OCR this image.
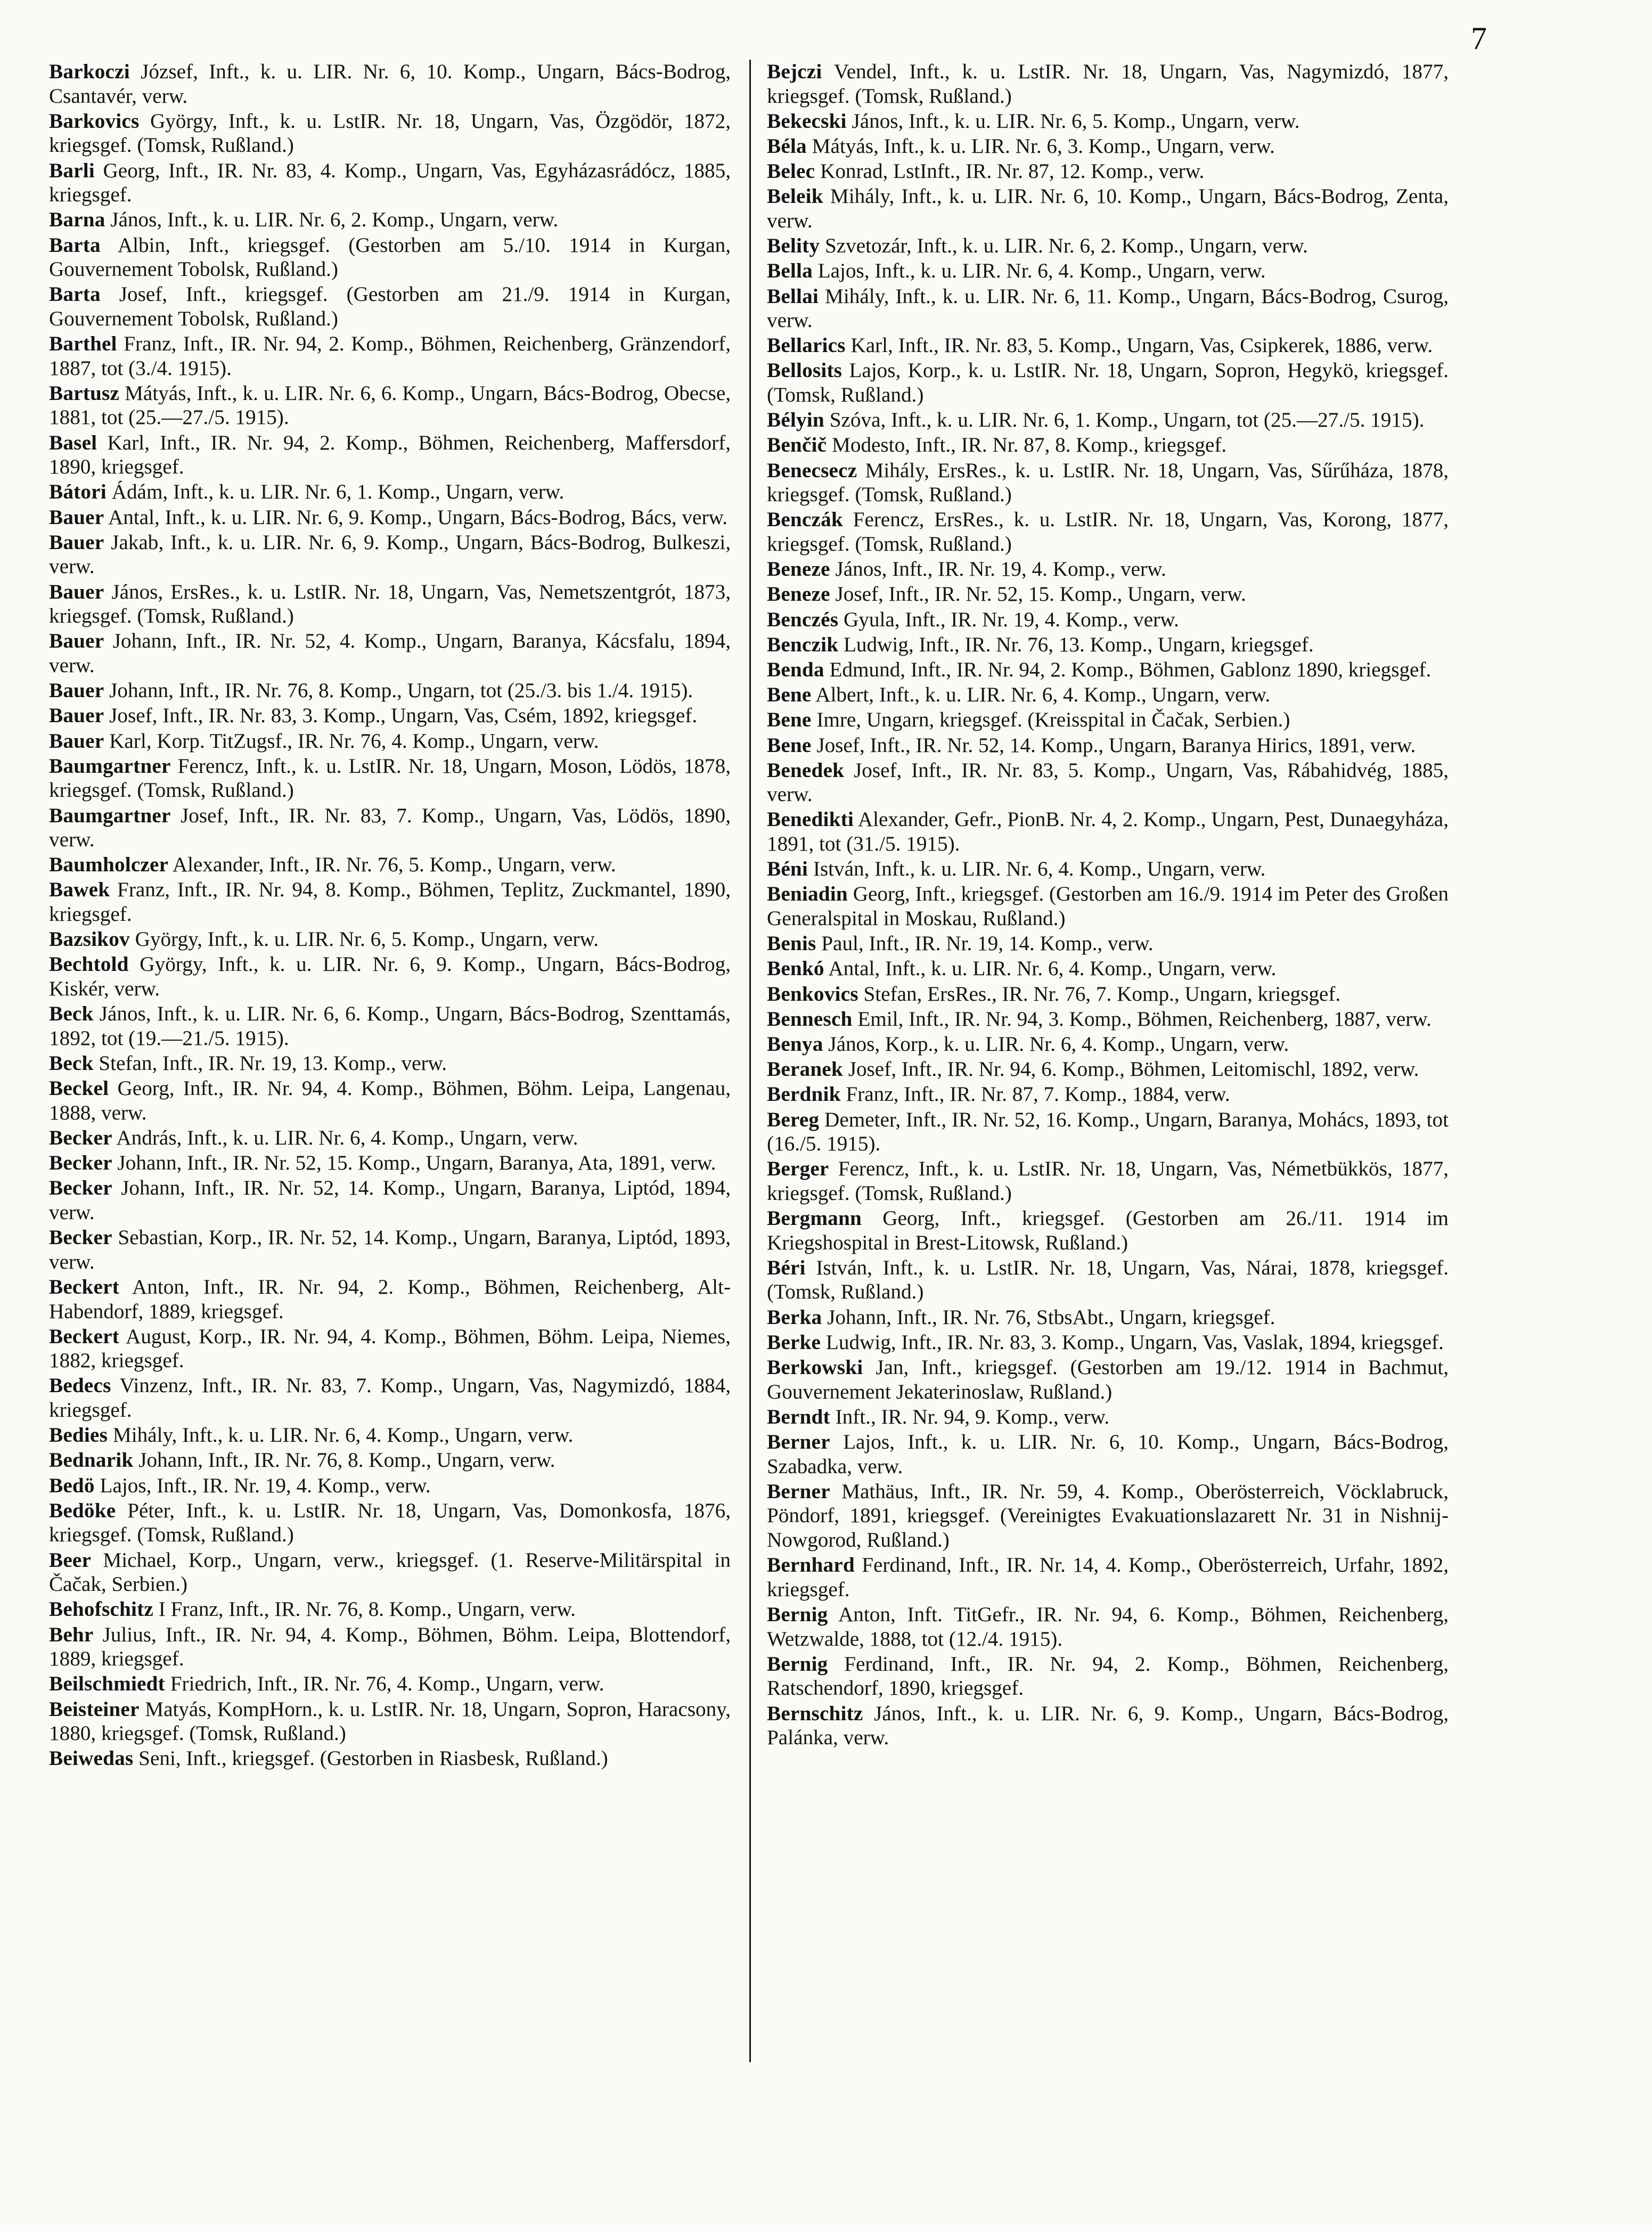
7
Barkoczi József, Inft., k. u. LIR. Nr. 6, 10. Komp., Ungarn, Bács-Bodrog, Csantavér, verw.
Barkovics György, Inft., k. u. LstIR. Nr. 18, Ungarn, Vas, Özgödör, 1872, kriegsgef. (Tomsk, Rußland.)
Barli Georg, Inft., IR. Nr. 83, 4. Komp., Ungarn, Vas, Egyházasrádócz, 1885, kriegsgef.
Barna János, Inft., k. u. LIR. Nr. 6, 2. Komp., Ungarn, verw.
Barta Albin, Inft., kriegsgef. (Gestorben am 5./10. 1914 in Kurgan, Gouvernement Tobolsk, Rußland.)
Barta Josef, Inft., kriegsgef. (Gestorben am 21./9. 1914 in Kurgan, Gouvernement Tobolsk, Rußland.)
Barthel Franz, Inft., IR. Nr. 94, 2. Komp., Böhmen, Reichenberg, Gränzendorf, 1887, tot (3./4. 1915).
Bartusz Mátyás, Inft., k. u. LIR. Nr. 6, 6. Komp., Ungarn, Bács-Bodrog, Obecse, 1881, tot (25.—27./5. 1915).
Basel Karl, Inft., IR. Nr. 94, 2. Komp., Böhmen, Reichenberg, Maffersdorf, 1890, kriegsgef.
Bátori Ádám, Inft., k. u. LIR. Nr. 6, 1. Komp., Ungarn, verw.
Bauer Antal, Inft., k. u. LIR. Nr. 6, 9. Komp., Ungarn, Bács-Bodrog, Bács, verw.
Bauer Jakab, Inft., k. u. LIR. Nr. 6, 9. Komp., Ungarn, Bács-Bodrog, Bulkeszi, verw.
Bauer János, ErsRes., k. u. LstIR. Nr. 18, Ungarn, Vas, Nemetszentgrót, 1873, kriegsgef. (Tomsk, Rußland.)
Bauer Johann, Inft., IR. Nr. 52, 4. Komp., Ungarn, Baranya, Kácsfalu, 1894, verw.
Bauer Johann, Inft., IR. Nr. 76, 8. Komp., Ungarn, tot (25./3. bis 1./4. 1915).
Bauer Josef, Inft., IR. Nr. 83, 3. Komp., Ungarn, Vas, Csém, 1892, kriegsgef.
Bauer Karl, Korp. TitZugsf., IR. Nr. 76, 4. Komp., Ungarn, verw.
Baumgartner Ferencz, Inft., k. u. LstIR. Nr. 18, Ungarn, Moson, Lödös, 1878, kriegsgef. (Tomsk, Rußland.)
Baumgartner Josef, Inft., IR. Nr. 83, 7. Komp., Ungarn, Vas, Lödös, 1890, verw.
Baumholczer Alexander, Inft., IR. Nr. 76, 5. Komp., Ungarn, verw.
Bawek Franz, Inft., IR. Nr. 94, 8. Komp., Böhmen, Teplitz, Zuckmantel, 1890, kriegsgef.
Bazsikov György, Inft., k. u. LIR. Nr. 6, 5. Komp., Ungarn, verw.
Bechtold György, Inft., k. u. LIR. Nr. 6, 9. Komp., Ungarn, Bács-Bodrog, Kiskér, verw.
Beck János, Inft., k. u. LIR. Nr. 6, 6. Komp., Ungarn, Bács-Bodrog, Szenttamás, 1892, tot (19.—21./5. 1915).
Beck Stefan, Inft., IR. Nr. 19, 13. Komp., verw.
Beckel Georg, Inft., IR. Nr. 94, 4. Komp., Böhmen, Böhm. Leipa, Langenau, 1888, verw.
Becker András, Inft., k. u. LIR. Nr. 6, 4. Komp., Ungarn, verw.
Becker Johann, Inft., IR. Nr. 52, 15. Komp., Ungarn, Baranya, Ata, 1891, verw.
Becker Johann, Inft., IR. Nr. 52, 14. Komp., Ungarn, Baranya, Liptód, 1894, verw.
Becker Sebastian, Korp., IR. Nr. 52, 14. Komp., Ungarn, Baranya, Liptód, 1893, verw.
Beckert Anton, Inft., IR. Nr. 94, 2. Komp., Böhmen, Reichenberg, Alt-Habendorf, 1889, kriegsgef.
Beckert August, Korp., IR. Nr. 94, 4. Komp., Böhmen, Böhm. Leipa, Niemes, 1882, kriegsgef.
Bedecs Vinzenz, Inft., IR. Nr. 83, 7. Komp., Ungarn, Vas, Nagymizdó, 1884, kriegsgef.
Bedies Mihály, Inft., k. u. LIR. Nr. 6, 4. Komp., Ungarn, verw.
Bednarik Johann, Inft., IR. Nr. 76, 8. Komp., Ungarn, verw.
Bedö Lajos, Inft., IR. Nr. 19, 4. Komp., verw.
Bedöke Péter, Inft., k. u. LstIR. Nr. 18, Ungarn, Vas, Domonkosfa, 1876, kriegsgef. (Tomsk, Rußland.)
Beer Michael, Korp., Ungarn, verw., kriegsgef. (1. Reserve-Militärspital in Čačak, Serbien.)
Behofschitz I Franz, Inft., IR. Nr. 76, 8. Komp., Ungarn, verw.
Behr Julius, Inft., IR. Nr. 94, 4. Komp., Böhmen, Böhm. Leipa, Blottendorf, 1889, kriegsgef.
Beilschmiedt Friedrich, Inft., IR. Nr. 76, 4. Komp., Ungarn, verw.
Beisteiner Matyás, KompHorn., k. u. LstIR. Nr. 18, Ungarn, Sopron, Haracsony, 1880, kriegsgef. (Tomsk, Rußland.)
Beiwedas Seni, Inft., kriegsgef. (Gestorben in Riasbesk, Rußland.)
Bejczi Vendel, Inft., k. u. LstIR. Nr. 18, Ungarn, Vas, Nagymizdó, 1877, kriegsgef. (Tomsk, Rußland.)
Bekecski János, Inft., k. u. LIR. Nr. 6, 5. Komp., Ungarn, verw.
Béla Mátyás, Inft., k. u. LIR. Nr. 6, 3. Komp., Ungarn, verw.
Belec Konrad, LstInft., IR. Nr. 87, 12. Komp., verw.
Beleik Mihály, Inft., k. u. LIR. Nr. 6, 10. Komp., Ungarn, Bács-Bodrog, Zenta, verw.
Belity Szvetozár, Inft., k. u. LIR. Nr. 6, 2. Komp., Ungarn, verw.
Bella Lajos, Inft., k. u. LIR. Nr. 6, 4. Komp., Ungarn, verw.
Bellai Mihály, Inft., k. u. LIR. Nr. 6, 11. Komp., Ungarn, Bács-Bodrog, Csurog, verw.
Bellarics Karl, Inft., IR. Nr. 83, 5. Komp., Ungarn, Vas, Csipkerek, 1886, verw.
Bellosits Lajos, Korp., k. u. LstIR. Nr. 18, Ungarn, Sopron, Hegykö, kriegsgef. (Tomsk, Rußland.)
Bélyin Szóva, Inft., k. u. LIR. Nr. 6, 1. Komp., Ungarn, tot (25.—27./5. 1915).
Benčič Modesto, Inft., IR. Nr. 87, 8. Komp., kriegsgef.
Benecsecz Mihály, ErsRes., k. u. LstIR. Nr. 18, Ungarn, Vas, Sűrűháza, 1878, kriegsgef. (Tomsk, Rußland.)
Benczák Ferencz, ErsRes., k. u. LstIR. Nr. 18, Ungarn, Vas, Korong, 1877, kriegsgef. (Tomsk, Rußland.)
Beneze János, Inft., IR. Nr. 19, 4. Komp., verw.
Beneze Josef, Inft., IR. Nr. 52, 15. Komp., Ungarn, verw.
Benczés Gyula, Inft., IR. Nr. 19, 4. Komp., verw.
Benczik Ludwig, Inft., IR. Nr. 76, 13. Komp., Ungarn, kriegsgef.
Benda Edmund, Inft., IR. Nr. 94, 2. Komp., Böhmen, Gablonz 1890, kriegsgef.
Bene Albert, Inft., k. u. LIR. Nr. 6, 4. Komp., Ungarn, verw.
Bene Imre, Ungarn, kriegsgef. (Kreisspital in Čačak, Serbien.)
Bene Josef, Inft., IR. Nr. 52, 14. Komp., Ungarn, Baranya Hirics, 1891, verw.
Benedek Josef, Inft., IR. Nr. 83, 5. Komp., Ungarn, Vas, Rábahidvég, 1885, verw.
Benedikti Alexander, Gefr., PionB. Nr. 4, 2. Komp., Ungarn, Pest, Dunaegyháza, 1891, tot (31./5. 1915).
Béni István, Inft., k. u. LIR. Nr. 6, 4. Komp., Ungarn, verw.
Beniadin Georg, Inft., kriegsgef. (Gestorben am 16./9. 1914 im Peter des Großen Generalspital in Moskau, Rußland.)
Benis Paul, Inft., IR. Nr. 19, 14. Komp., verw.
Benkó Antal, Inft., k. u. LIR. Nr. 6, 4. Komp., Ungarn, verw.
Benkovics Stefan, ErsRes., IR. Nr. 76, 7. Komp., Ungarn, kriegsgef.
Bennesch Emil, Inft., IR. Nr. 94, 3. Komp., Böhmen, Reichenberg, 1887, verw.
Benya János, Korp., k. u. LIR. Nr. 6, 4. Komp., Ungarn, verw.
Beranek Josef, Inft., IR. Nr. 94, 6. Komp., Böhmen, Leitomischl, 1892, verw.
Berdnik Franz, Inft., IR. Nr. 87, 7. Komp., 1884, verw.
Bereg Demeter, Inft., IR. Nr. 52, 16. Komp., Ungarn, Baranya, Mohács, 1893, tot (16./5. 1915).
Berger Ferencz, Inft., k. u. LstIR. Nr. 18, Ungarn, Vas, Németbükkös, 1877, kriegsgef. (Tomsk, Rußland.)
Bergmann Georg, Inft., kriegsgef. (Gestorben am 26./11. 1914 im Kriegshospital in Brest-Litowsk, Rußland.)
Béri István, Inft., k. u. LstIR. Nr. 18, Ungarn, Vas, Nárai, 1878, kriegsgef. (Tomsk, Rußland.)
Berka Johann, Inft., IR. Nr. 76, StbsAbt., Ungarn, kriegsgef.
Berke Ludwig, Inft., IR. Nr. 83, 3. Komp., Ungarn, Vas, Vaslak, 1894, kriegsgef.
Berkowski Jan, Inft., kriegsgef. (Gestorben am 19./12. 1914 in Bachmut, Gouvernement Jekaterinoslaw, Rußland.)
Berndt Inft., IR. Nr. 94, 9. Komp., verw.
Berner Lajos, Inft., k. u. LIR. Nr. 6, 10. Komp., Ungarn, Bács-Bodrog, Szabadka, verw.
Berner Mathäus, Inft., IR. Nr. 59, 4. Komp., Oberösterreich, Vöcklabruck, Pöndorf, 1891, kriegsgef. (Vereinigtes Evakuationslazarett Nr. 31 in Nishnij-Nowgorod, Rußland.)
Bernhard Ferdinand, Inft., IR. Nr. 14, 4. Komp., Oberösterreich, Urfahr, 1892, kriegsgef.
Bernig Anton, Inft. TitGefr., IR. Nr. 94, 6. Komp., Böhmen, Reichenberg, Wetzwalde, 1888, tot (12./4. 1915).
Bernig Ferdinand, Inft., IR. Nr. 94, 2. Komp., Böhmen, Reichenberg, Ratschendorf, 1890, kriegsgef.
Bernschitz János, Inft., k. u. LIR. Nr. 6, 9. Komp., Ungarn, Bács-Bodrog, Palánka, verw.
